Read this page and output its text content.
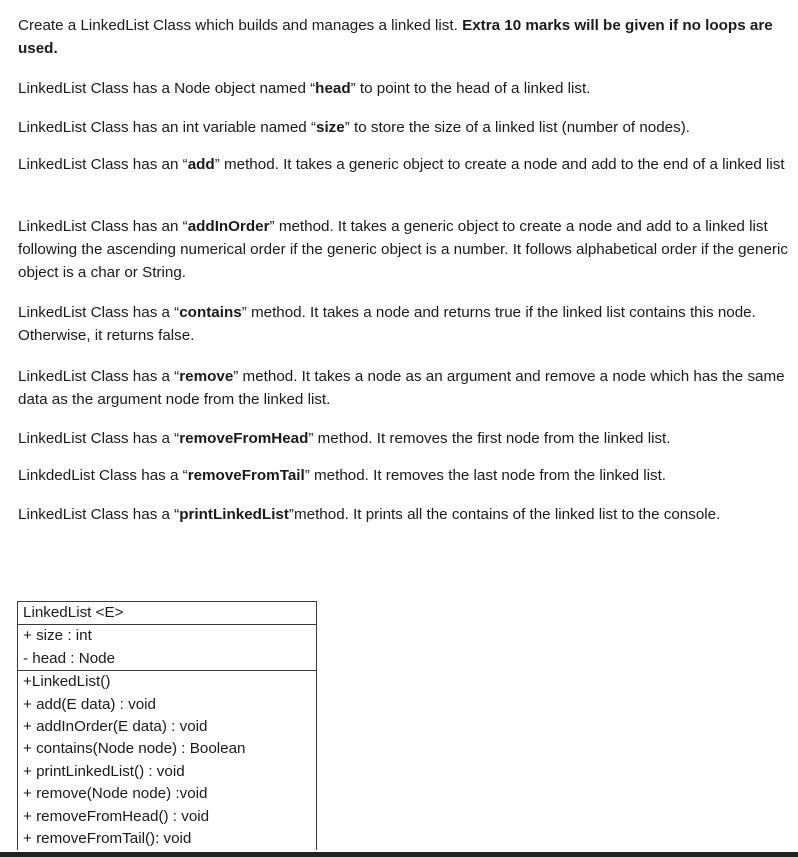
Create a LinkedList Class which builds and manages a linked list. Extra 10 marks will be given if no loops are used.

LinkedList Class has a Node object named “head” to point to the head of a linked list.

LinkedList Class has an int variable named “size” to store the size of a linked list (number of nodes).

LinkedList Class has an “add” method. It takes a generic object to create a node and add to the end of a linked list

LinkedList Class has an “addInOrder” method. It takes a generic object to create a node and add to a linked list following the ascending numerical order if the generic object is a number. It follows alphabetical order if the generic object is a char or String.

LinkedList Class has a “contains” method. It takes a node and returns true if the linked list contains this node. Otherwise, it returns false.

LinkedList Class has a “remove” method. It takes a node as an argument and remove a node which has the same data as the argument node from the linked list.

LinkedList Class has a “removeFromHead” method. It removes the first node from the linked list.

LinkdedList Class has a “removeFromTail” method. It removes the last node from the linked list.

LinkedList Class has a “printLinkedList”method. It prints all the contains of the linked list to the console.

LinkedList <E>
+ size : int
- head : Node
+LinkedList()
+ add(E data) : void
+ addInOrder(E data) : void
+ contains(Node node) : Boolean
+ printLinkedList() : void
+ remove(Node node) :void
+ removeFromHead() : void
+ removeFromTail(): void
